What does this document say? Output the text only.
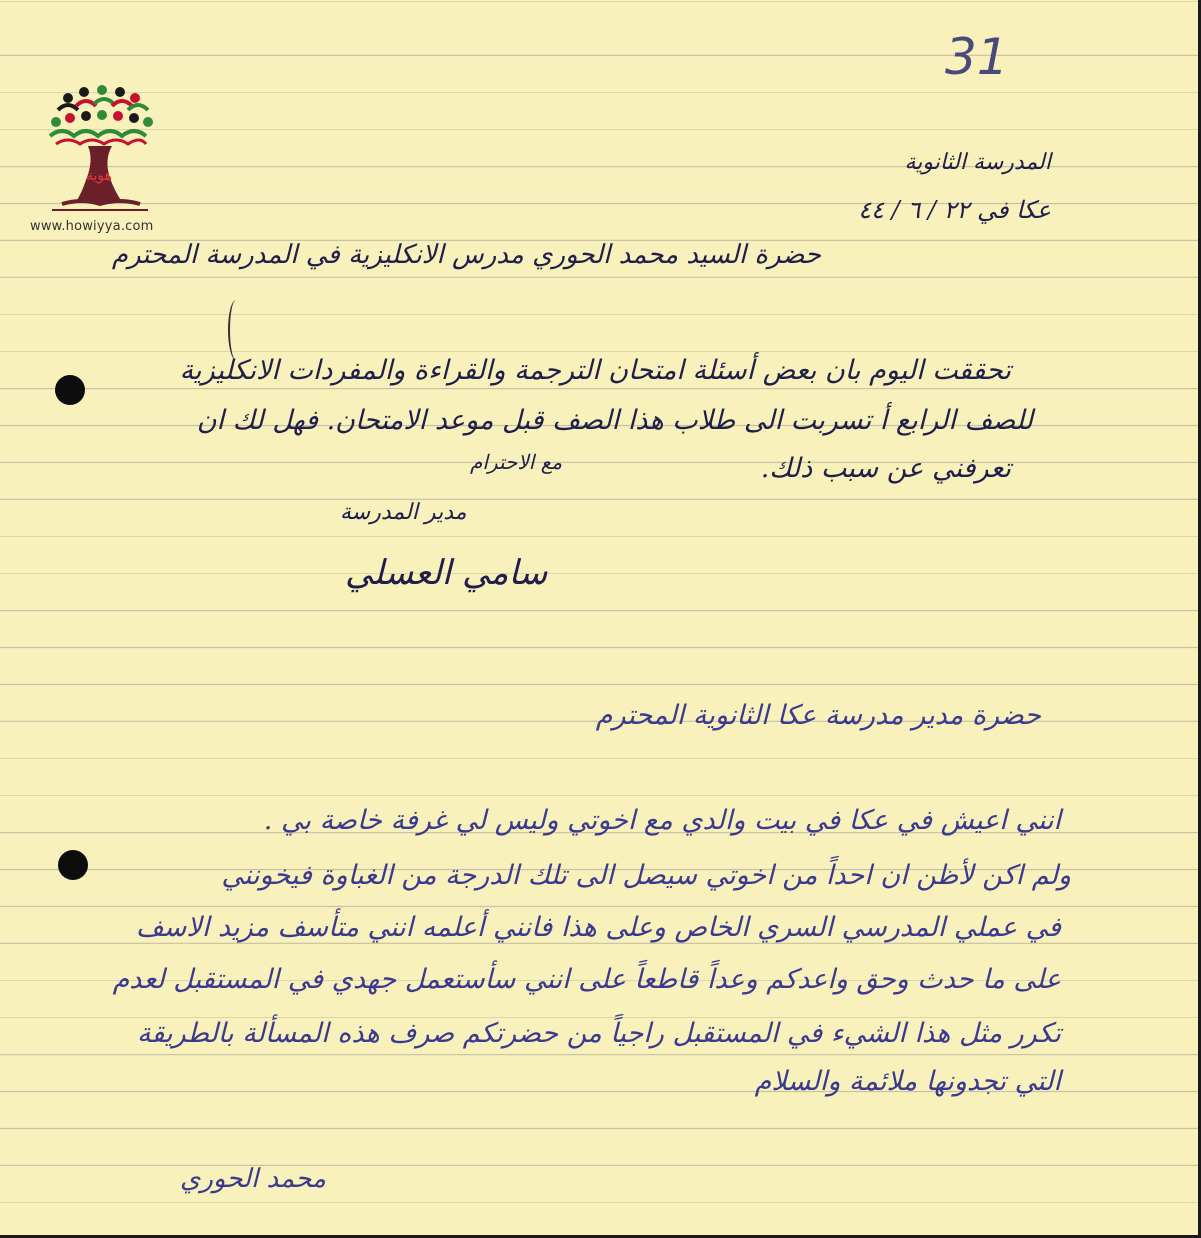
هوية
www.howiyya.com
31
المدرسة الثانوية
عكا في ٢٢ / ٦ / ٤٤
حضرة السيد محمد الحوري مدرس الانكليزية في المدرسة المحترم
تحققت اليوم بان بعض أسئلة امتحان الترجمة والقراءة والمفردات الانكليزية
للصف الرابع أ تسربت الى طلاب هذا الصف قبل موعد الامتحان. فهل لك ان
تعرفني عن سبب ذلك.
مع الاحترام
مدير المدرسة
سامي العسلي
حضرة مدير مدرسة عكا الثانوية المحترم
انني اعيش في عكا في بيت والدي مع اخوتي وليس لي غرفة خاصة بي .
ولم اكن لأظن ان احداً من اخوتي سيصل الى تلك الدرجة من الغباوة فيخونني
في عملي المدرسي السري الخاص وعلى هذا فانني أعلمه انني متأسف مزيد الاسف
على ما حدث وحق واعدكم وعداً قاطعاً على انني سأستعمل جهدي في المستقبل لعدم
تكرر مثل هذا الشيء في المستقبل راجياً من حضرتكم صرف هذه المسألة بالطريقة
التي تجدونها ملائمة والسلام
محمد الحوري
